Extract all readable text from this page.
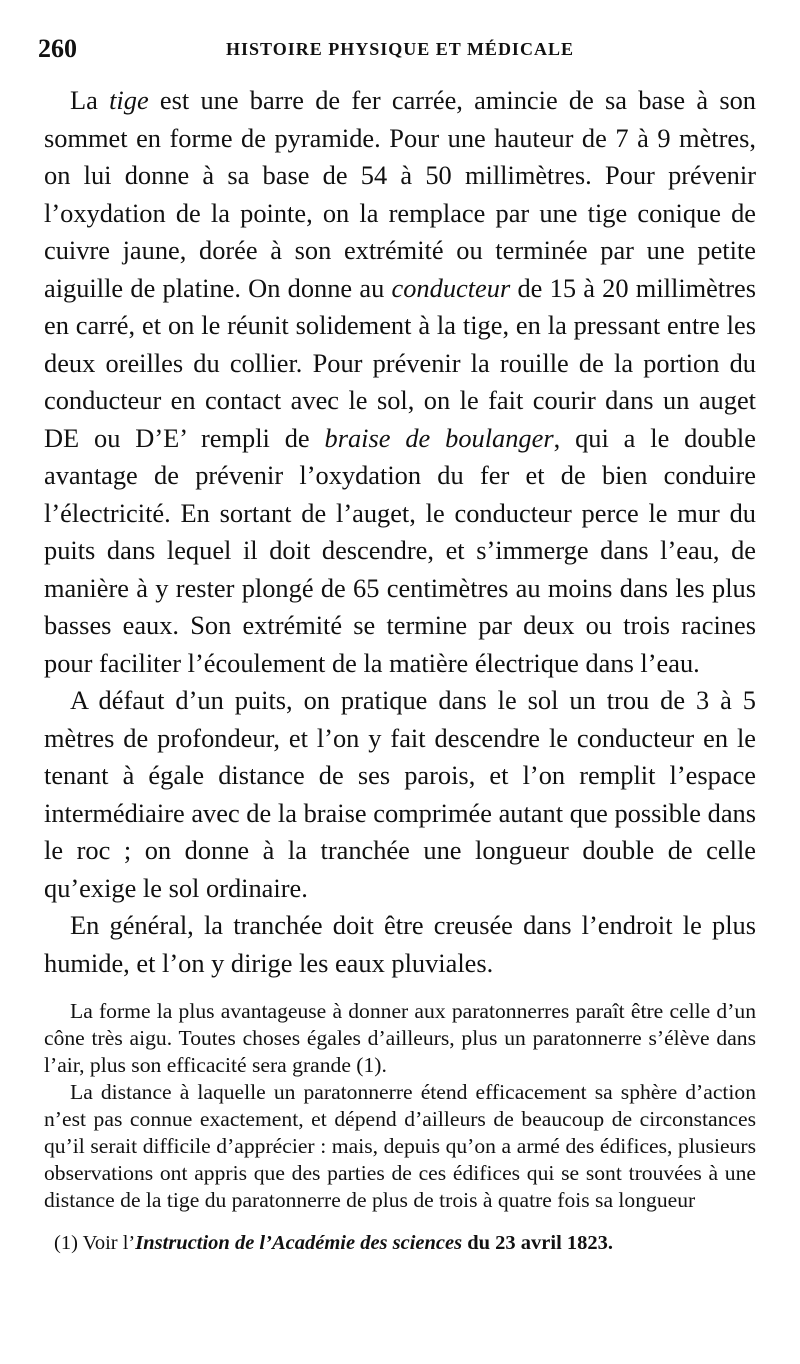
260	HISTOIRE PHYSIQUE ET MÉDICALE

La tige est une barre de fer carrée, amincie de sa base à son sommet en forme de pyramide. Pour une hauteur de 7 à 9 mètres, on lui donne à sa base de 54 à 50 millimètres. Pour prévenir l’oxydation de la pointe, on la remplace par une tige conique de cuivre jaune, dorée à son extrémité ou terminée par une petite aiguille de platine. On donne au conducteur de 15 à 20 millimètres en carré, et on le réunit solidement à la tige, en la pressant entre les deux oreilles du collier. Pour prévenir la rouille de la portion du conducteur en contact avec le sol, on le fait courir dans un auget DE ou D’E’ rempli de braise de boulanger, qui a le double avantage de prévenir l’oxydation du fer et de bien conduire l’électricité. En sortant de l’auget, le conducteur perce le mur du puits dans lequel il doit descendre, et s’immerge dans l’eau, de manière à y rester plongé de 65 centimètres au moins dans les plus basses eaux. Son extrémité se termine par deux ou trois racines pour faciliter l’écoulement de la matière électrique dans l’eau.

A défaut d’un puits, on pratique dans le sol un trou de 3 à 5 mètres de profondeur, et l’on y fait descendre le conducteur en le tenant à égale distance de ses parois, et l’on remplit l’espace intermédiaire avec de la braise comprimée autant que possible dans le roc ; on donne à la tranchée une longueur double de celle qu’exige le sol ordinaire.

En général, la tranchée doit être creusée dans l’endroit le plus humide, et l’on y dirige les eaux pluviales.

La forme la plus avantageuse à donner aux paratonnerres paraît être celle d’un cône très aigu. Toutes choses égales d’ailleurs, plus un paratonnerre s’élève dans l’air, plus son efficacité sera grande (1).

La distance à laquelle un paratonnerre étend efficacement sa sphère d’action n’est pas connue exactement, et dépend d’ailleurs de beaucoup de circonstances qu’il serait difficile d’apprécier : mais, depuis qu’on a armé des édifices, plusieurs observations ont appris que des parties de ces édifices qui se sont trouvées à une distance de la tige du paratonnerre de plus de trois à quatre fois sa longueur

(1) Voir l’Instruction de l’Académie des sciences du 23 avril 1823.
